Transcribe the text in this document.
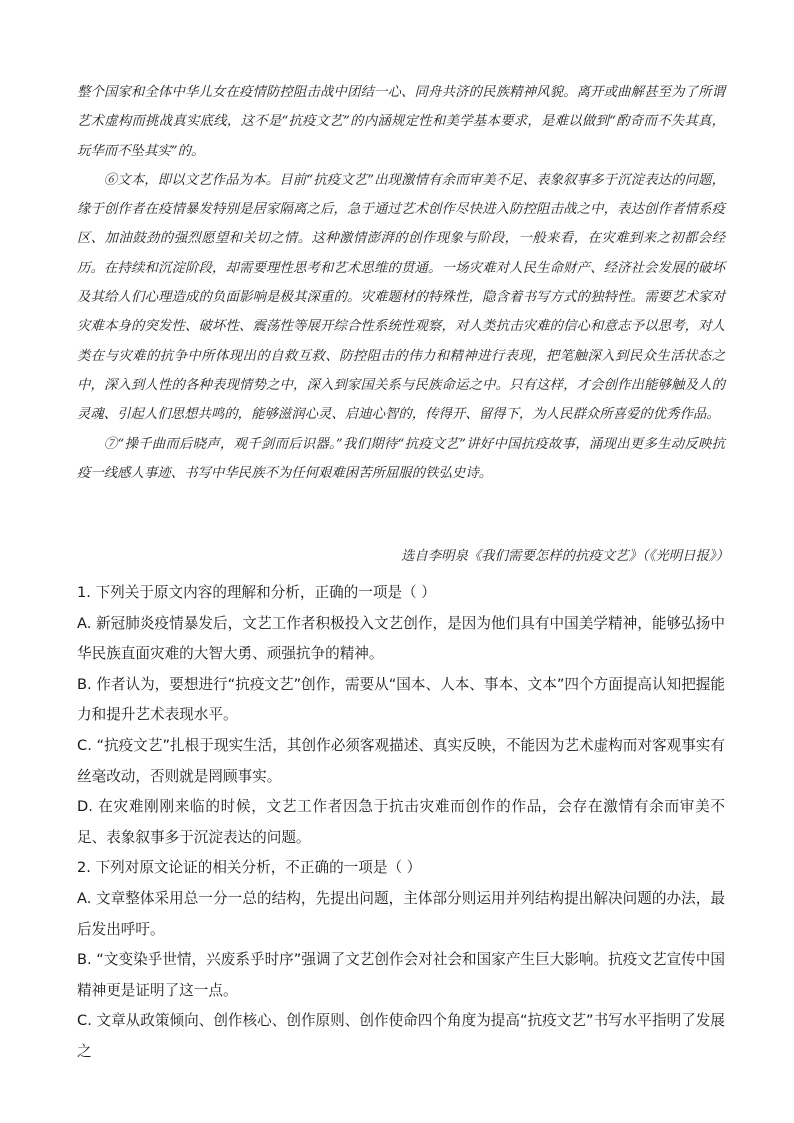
整个国家和全体中华儿女在疫情防控阻击战中团结一心、同舟共济的民族精神风貌。离开或曲解甚至为了所谓艺术虚构而挑战真实底线，这不是“抗疫文艺”的内涵规定性和美学基本要求，是难以做到“酌奇而不失其真，玩华而不坠其实”的。

⑥文本，即以文艺作品为本。目前“抗疫文艺”出现激情有余而审美不足、表象叙事多于沉淀表达的问题，缘于创作者在疫情暴发特别是居家隔离之后，急于通过艺术创作尽快进入防控阻击战之中，表达创作者情系疫区、加油鼓劲的强烈愿望和关切之情。这种激情澎湃的创作现象与阶段，一般来看，在灾难到来之初都会经历。在持续和沉淀阶段，却需要理性思考和艺术思维的贯通。一场灾难对人民生命财产、经济社会发展的破坏及其给人们心理造成的负面影响是极其深重的。灾难题材的特殊性，隐含着书写方式的独特性。需要艺术家对灾难本身的突发性、破坏性、震荡性等展开综合性系统性观察，对人类抗击灾难的信心和意志予以思考，对人类在与灾难的抗争中所体现出的自救互救、防控阻击的伟力和精神进行表现，把笔触深入到民众生活状态之中，深入到人性的各种表现情势之中，深入到家国关系与民族命运之中。只有这样，才会创作出能够触及人的灵魂、引起人们思想共鸣的，能够滋润心灵、启迪心智的，传得开、留得下，为人民群众所喜爱的优秀作品。

⑦“操千曲而后晓声，观千剑而后识器。”我们期待“抗疫文艺”讲好中国抗疫故事，涌现出更多生动反映抗疫一线感人事迹、书写中华民族不为任何艰难困苦所屈服的铁弘史诗。

选自李明泉《我们需要怎样的抗疫文艺》（《光明日报》）

1. 下列关于原文内容的理解和分析，正确的一项是（ ）

A. 新冠肺炎疫情暴发后，文艺工作者积极投入文艺创作，是因为他们具有中国美学精神，能够弘扬中华民族直面灾难的大智大勇、顽强抗争的精神。

B. 作者认为，要想进行“抗疫文艺”创作，需要从“国本、人本、事本、文本”四个方面提高认知把握能力和提升艺术表现水平。

C. “抗疫文艺”扎根于现实生活，其创作必须客观描述、真实反映，不能因为艺术虚构而对客观事实有丝毫改动，否则就是罔顾事实。

D. 在灾难刚刚来临的时候，文艺工作者因急于抗击灾难而创作的作品，会存在激情有余而审美不足、表象叙事多于沉淀表达的问题。

2. 下列对原文论证的相关分析，不正确的一项是（ ）

A. 文章整体采用总一分一总的结构，先提出问题，主体部分则运用并列结构提出解决问题的办法，最后发出呼吁。

B. “文变染乎世情，兴废系乎时序”强调了文艺创作会对社会和国家产生巨大影响。抗疫文艺宣传中国精神更是证明了这一点。

C. 文章从政策倾向、创作核心、创作原则、创作使命四个角度为提高“抗疫文艺”书写水平指明了发展之
